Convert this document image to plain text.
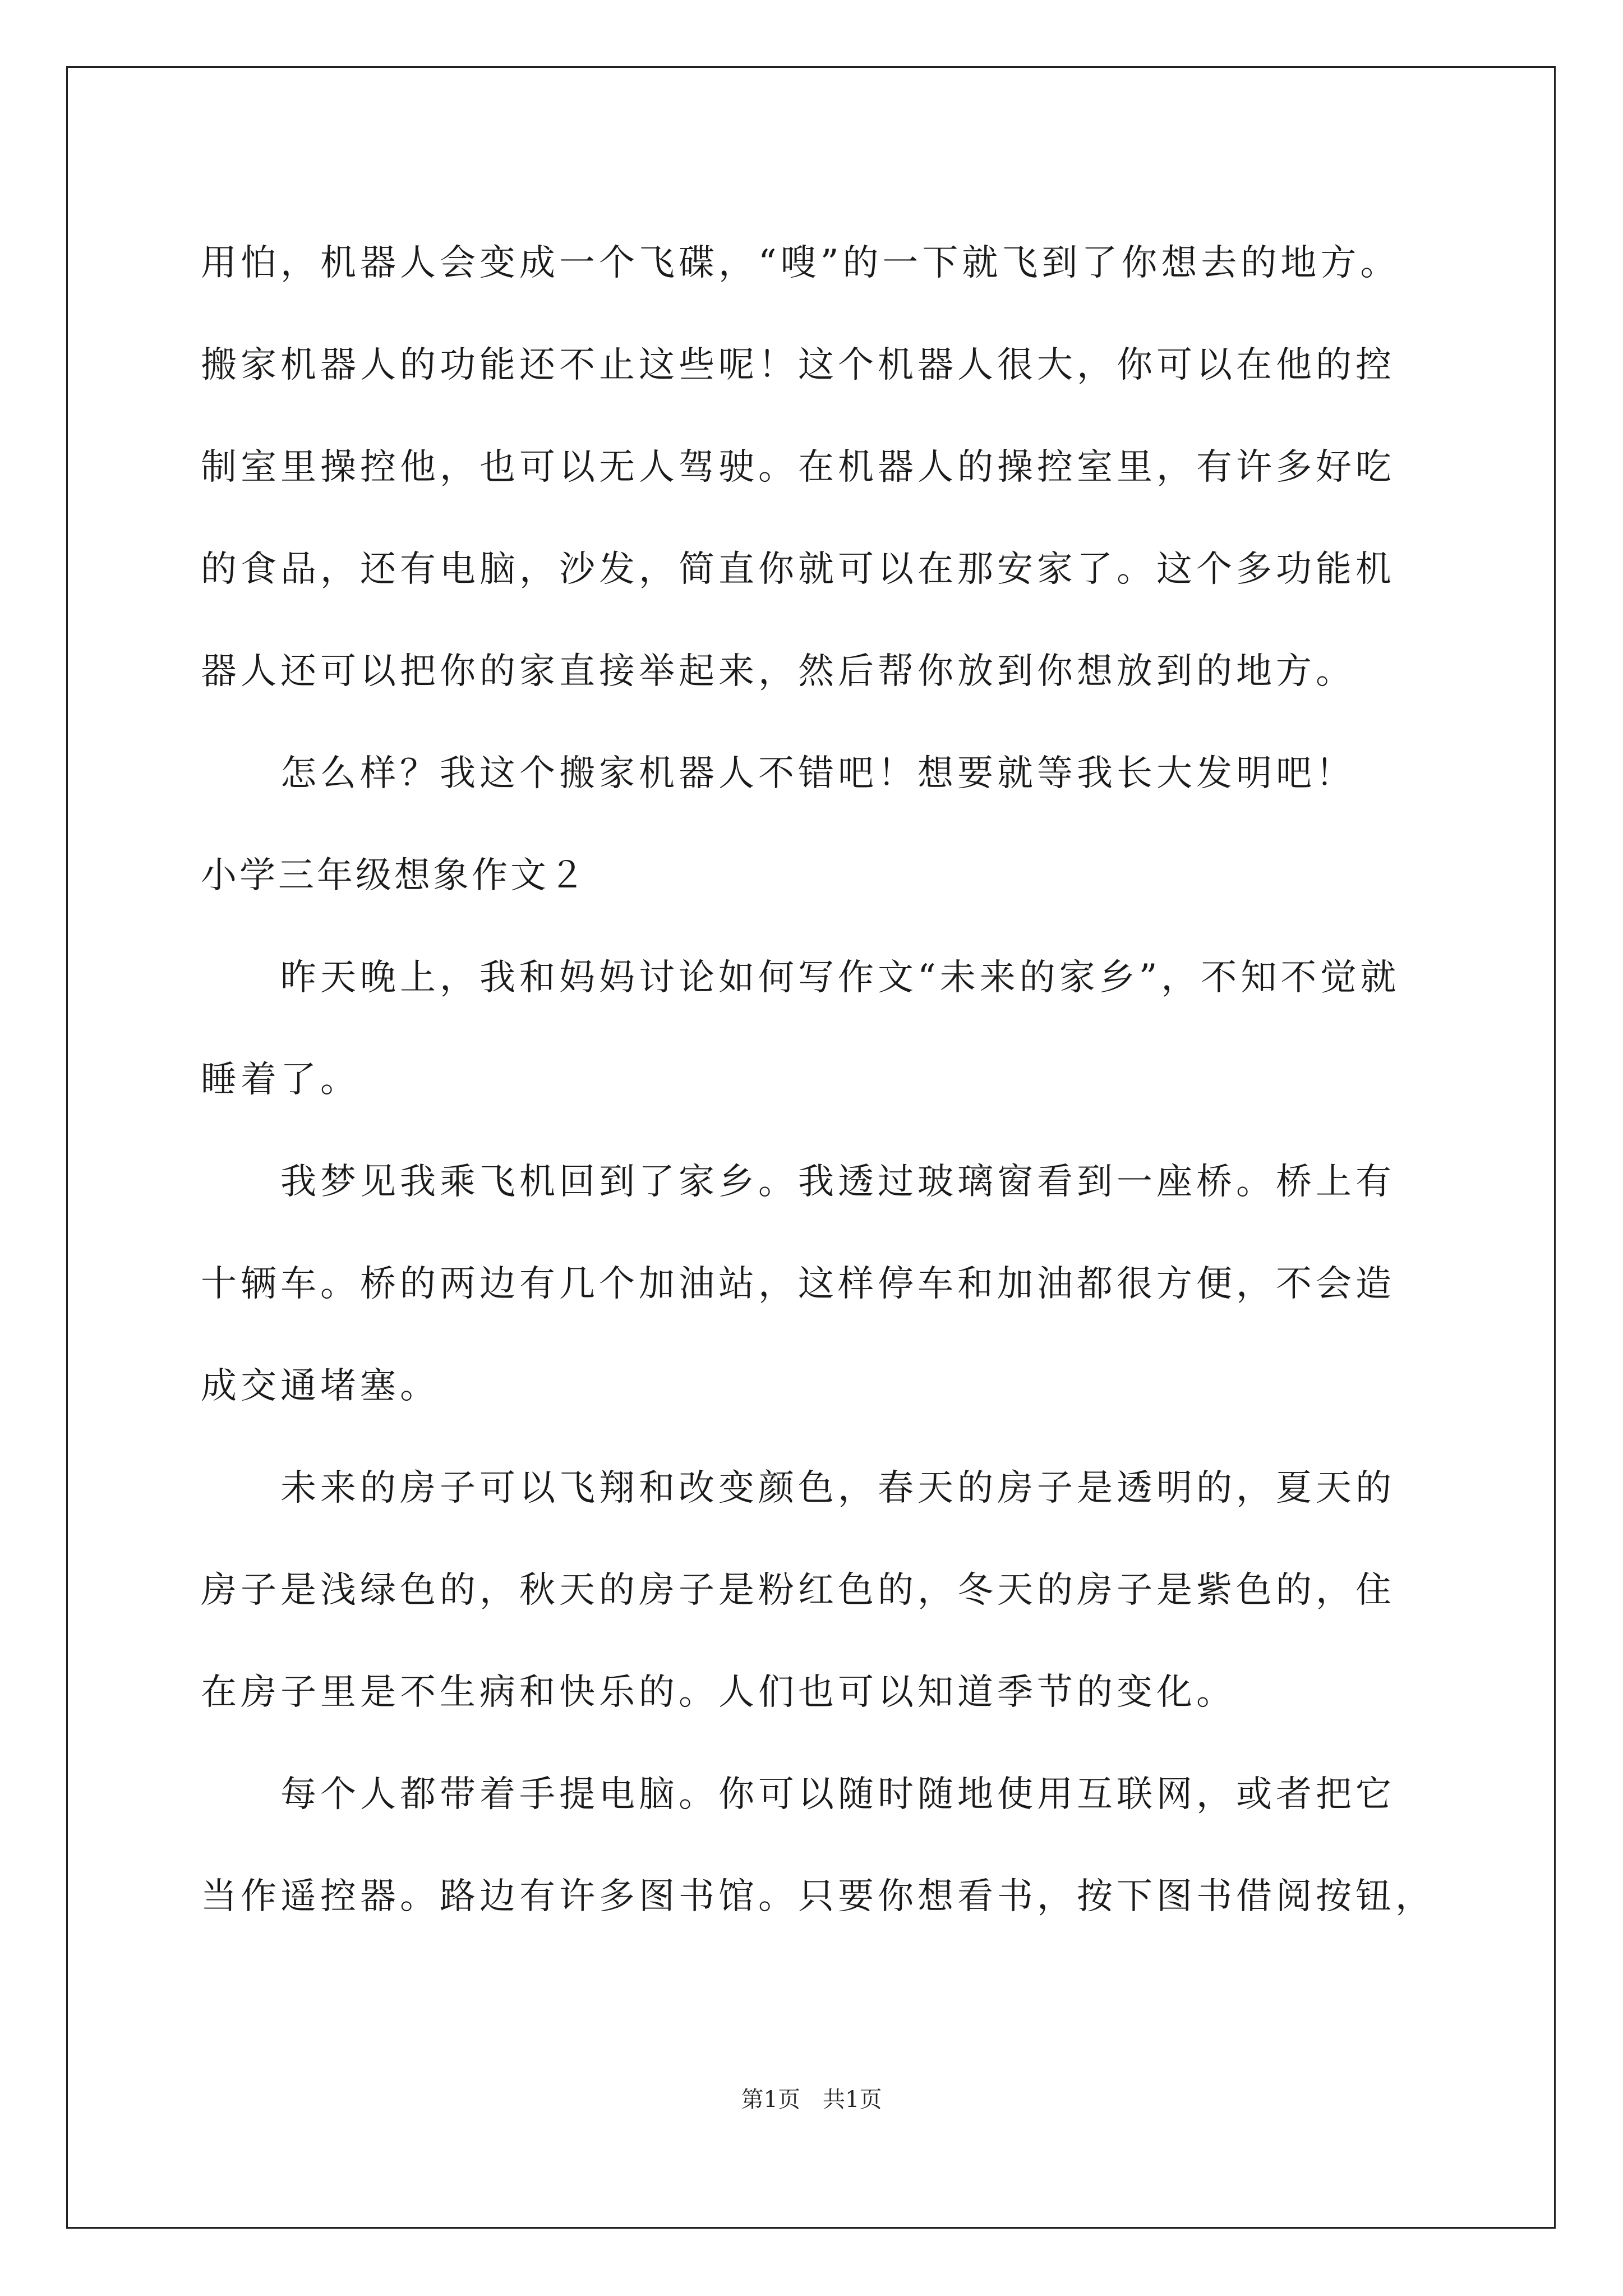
用怕，机器人会变成一个飞碟，“嗖”的一下就飞到了你想去的地方。
搬家机器人的功能还不止这些呢！这个机器人很大，你可以在他的控
制室里操控他，也可以无人驾驶。在机器人的操控室里，有许多好吃
的食品，还有电脑，沙发，简直你就可以在那安家了。这个多功能机
器人还可以把你的家直接举起来，然后帮你放到你想放到的地方。
怎么样？我这个搬家机器人不错吧！想要就等我长大发明吧！
小学三年级想象作文２
昨天晚上，我和妈妈讨论如何写作文“未来的家乡”，不知不觉就
睡着了。
我梦见我乘飞机回到了家乡。我透过玻璃窗看到一座桥。桥上有
十辆车。桥的两边有几个加油站，这样停车和加油都很方便，不会造
成交通堵塞。
未来的房子可以飞翔和改变颜色，春天的房子是透明的，夏天的
房子是浅绿色的，秋天的房子是粉红色的，冬天的房子是紫色的，住
在房子里是不生病和快乐的。人们也可以知道季节的变化。
每个人都带着手提电脑。你可以随时随地使用互联网，或者把它
当作遥控器。路边有许多图书馆。只要你想看书，按下图书借阅按钮，
第1页　共1页
